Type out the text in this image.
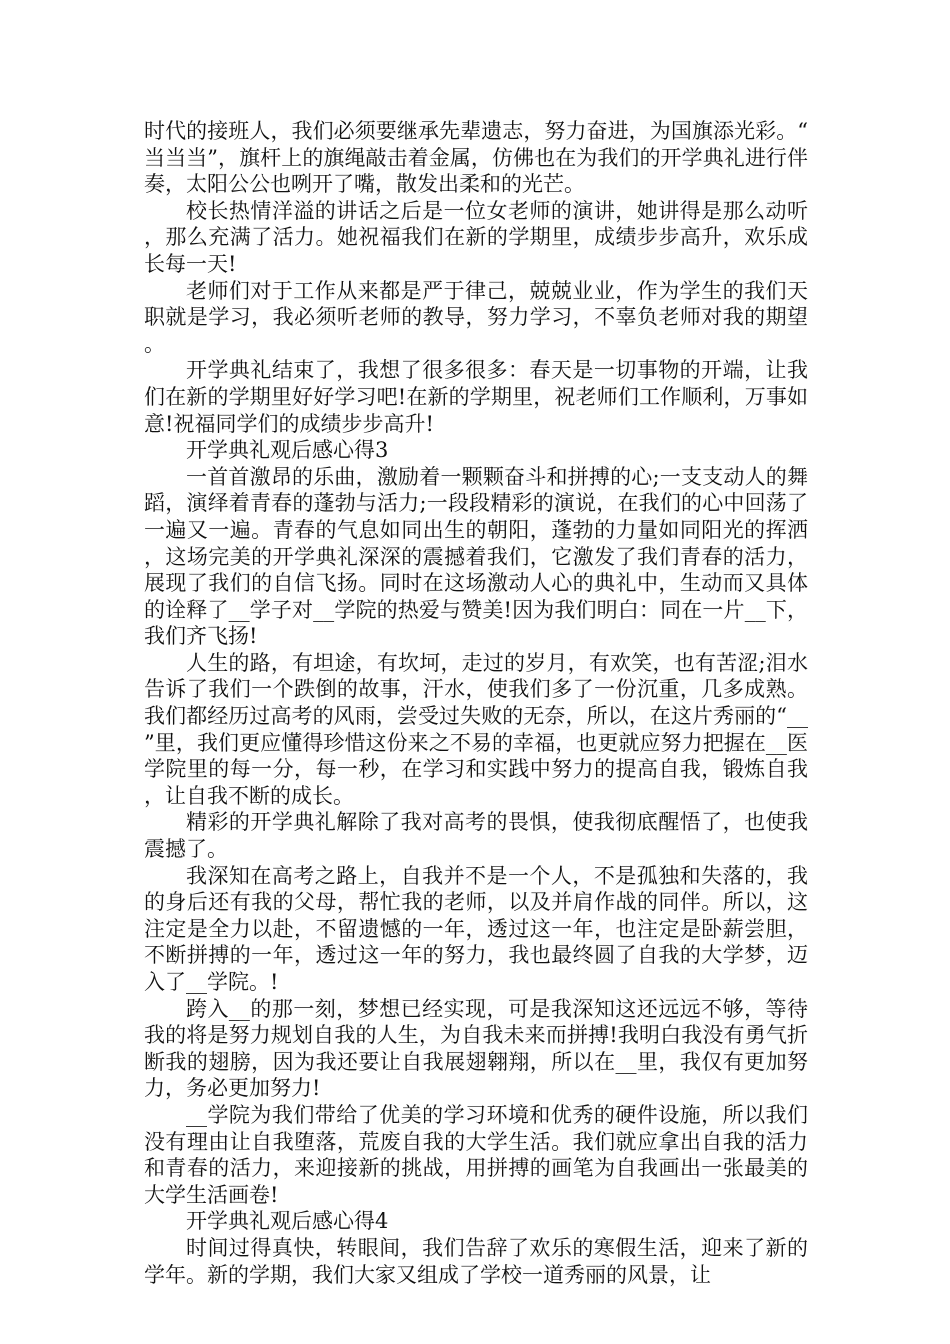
时代的接班人，我们必须要继承先辈遗志，努力奋进，为国旗添光彩。“当当当”，旗杆上的旗绳敲击着金属，仿佛也在为我们的开学典礼进行伴奏，太阳公公也咧开了嘴，散发出柔和的光芒。

校长热情洋溢的讲话之后是一位女老师的演讲，她讲得是那么动听，那么充满了活力。她祝福我们在新的学期里，成绩步步高升，欢乐成长每一天!

老师们对于工作从来都是严于律己，兢兢业业，作为学生的我们天职就是学习，我必须听老师的教导，努力学习，不辜负老师对我的期望。

开学典礼结束了，我想了很多很多：春天是一切事物的开端，让我们在新的学期里好好学习吧!在新的学期里，祝老师们工作顺利，万事如意!祝福同学们的成绩步步高升!

开学典礼观后感心得3

一首首激昂的乐曲，激励着一颗颗奋斗和拼搏的心;一支支动人的舞蹈，演绎着青春的蓬勃与活力;一段段精彩的演说，在我们的心中回荡了一遍又一遍。青春的气息如同出生的朝阳，蓬勃的力量如同阳光的挥洒，这场完美的开学典礼深深的震撼着我们，它激发了我们青春的活力，展现了我们的自信飞扬。同时在这场激动人心的典礼中，生动而又具体的诠释了__学子对__学院的热爱与赞美!因为我们明白：同在一片__下，我们齐飞扬!

人生的路，有坦途，有坎坷，走过的岁月，有欢笑，也有苦涩;泪水告诉了我们一个跌倒的故事，汗水，使我们多了一份沉重，几多成熟。我们都经历过高考的风雨，尝受过失败的无奈，所以，在这片秀丽的“__”里，我们更应懂得珍惜这份来之不易的幸福，也更就应努力把握在__医学院里的每一分，每一秒，在学习和实践中努力的提高自我，锻炼自我，让自我不断的成长。

精彩的开学典礼解除了我对高考的畏惧，使我彻底醒悟了，也使我震撼了。

我深知在高考之路上，自我并不是一个人，不是孤独和失落的，我的身后还有我的父母，帮忙我的老师，以及并肩作战的同伴。所以，这注定是全力以赴，不留遗憾的一年，透过这一年，也注定是卧薪尝胆，不断拼搏的一年，透过这一年的努力，我也最终圆了自我的大学梦，迈入了__学院。!

跨入__的那一刻，梦想已经实现，可是我深知这还远远不够，等待我的将是努力规划自我的人生，为自我未来而拼搏!我明白我没有勇气折断我的翅膀，因为我还要让自我展翅翱翔，所以在__里，我仅有更加努力，务必更加努力!

__学院为我们带给了优美的学习环境和优秀的硬件设施，所以我们没有理由让自我堕落，荒废自我的大学生活。我们就应拿出自我的活力和青春的活力，来迎接新的挑战，用拼搏的画笔为自我画出一张最美的大学生活画卷!

开学典礼观后感心得4

时间过得真快，转眼间，我们告辞了欢乐的寒假生活，迎来了新的学年。新的学期，我们大家又组成了学校一道秀丽的风景，让
